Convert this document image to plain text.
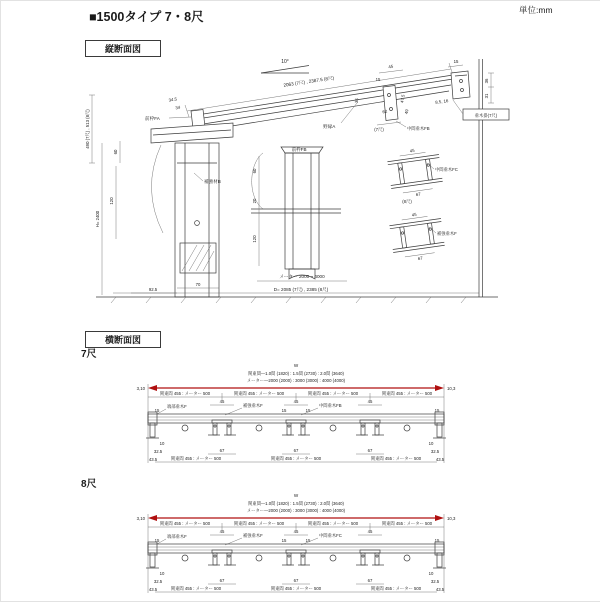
■1500タイプ 7・8尺	単位:mm
縦断面図
横断面図
7尺
8尺
10°
2063 (7尺) , 2387.5 (8尺)
34.5
34
前枠FA
490 (7尺) , 513 (8尺)
60
120
H= 2400
補強材B
70
92.5	D= 2085 (7尺) , 2385 (8尺)
前枠FB
60
20
120
メーター 2000 ~ 4000
野縁A
36
45
15
47.5
49
62
(7尺)	中間垂木FB
15
36
31
8.5, 16
垂木掛(7尺)
45
67
中間垂木FC
(8尺)
45
67
補強垂木F
W
関東間—1.0間 (1820) : 1.5間 (2730) : 2.0間 (3640)
メーター—2000 (2000) : 3000 (3000) : 4000 (4000)
3,10	10,3
関東間 455 : メーター 500	関東間 455 : メーター 500	関東間 455 : メーター 500	関東間 455 : メーター 500
45	45	45
15	15	15	15
端部垂木F	補強垂木F	中間垂木FB
10
32.5
43.5
10
32.5
43.5
67	67	67
関東間 455 : メーター 500	関東間 455 : メーター 500	関東間 455 : メーター 500
W
関東間—1.0間 (1820) : 1.5間 (2730) : 2.0間 (3640)
メーター—2000 (2000) : 3000 (3000) : 4000 (4000)
3,10	10,3
関東間 455 : メーター 500	関東間 455 : メーター 500	関東間 455 : メーター 500	関東間 455 : メーター 500
45	45	45
15	15	15	15
端部垂木F	補強垂木F	中間垂木FC
10
32.5
43.5
10
32.5
43.5
67	67	67
関東間 455 : メーター 500	関東間 455 : メーター 500	関東間 455 : メーター 500
